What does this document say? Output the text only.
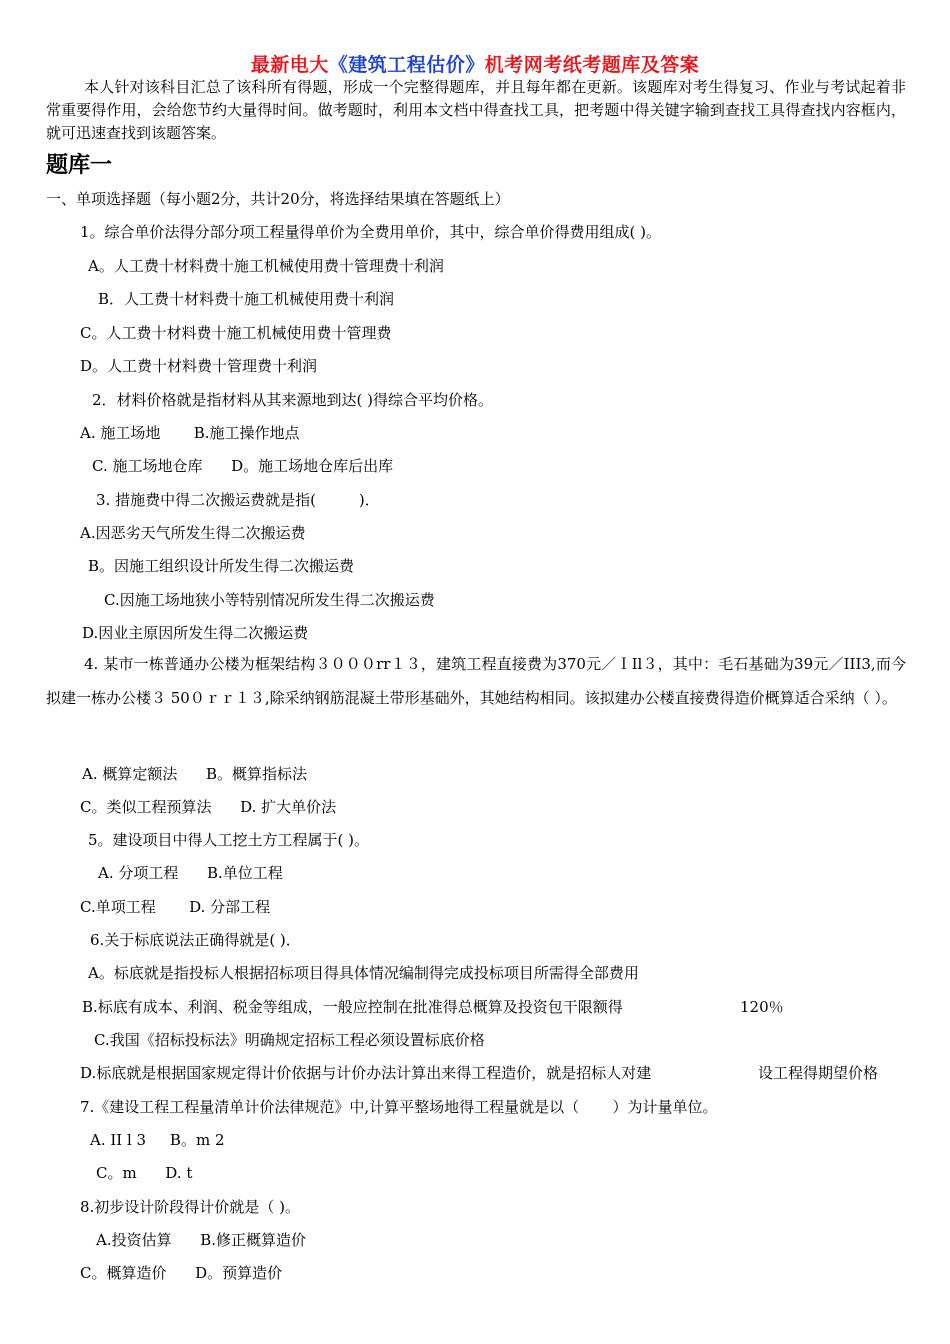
最新电大《建筑工程估价》机考网考纸考题库及答案
本人针对该科目汇总了该科所有得题，形成一个完整得题库，并且每年都在更新。该题库对考生得复习、作业与考试起着非常重要得作用，会给您节约大量得时间。做考题时，利用本文档中得查找工具，把考题中得关键字输到查找工具得查找内容框内，就可迅速查找到该题答案。
题库一
一、单项选择题（每小题2分，共计20分，将选择结果填在答题纸上）
1。综合单价法得分部分项工程量得单价为全费用单价，其中，综合单价得费用组成( )。
A。人工费十材料费十施工机械使用费十管理费十利润
B．人工费十材料费十施工机械使用费十利润
C。人工费十材料费十施工机械使用费十管理费
D。人工费十材料费十管理费十利润
2．材料价格就是指材料从其来源地到达( )得综合平均价格。
A. 施工场地       B.施工操作地点
C. 施工场地仓库      D。施工场地仓库后出库
3. 措施费中得二次搬运费就是指(         )．
A.因恶劣天气所发生得二次搬运费
B。因施工组织设计所发生得二次搬运费
C.因施工场地狭小等特别情况所发生得二次搬运费
D.因业主原因所发生得二次搬运费
4. 某市一栋普通办公楼为框架结构３０００rr１３，建筑工程直接费为370元／ＩIl３，其中：毛石基础为39元／III3,而今拟建一栋办公楼３ 50０ｒｒ１３,除采纳钢筋混凝土带形基础外，其她结构相同。该拟建办公楼直接费得造价概算适合采纳（ ）。
A. 概算定额法      B。概算指标法
C。类似工程预算法      D. 扩大单价法
5。建设项目中得人工挖土方工程属于( )。
A. 分项工程      B.单位工程
C.单项工程       D. 分部工程
6.关于标底说法正确得就是( )．
A。标底就是指投标人根据招标项目得具体情况编制得完成投标项目所需得全部费用
B.标底有成本、利润、税金等组成，一般应控制在批准得总概算及投资包干限额得	120％
C.我国《招标投标法》明确规定招标工程必须设置标底价格
D.标底就是根据国家规定得计价依据与计价办法计算出来得工程造价，就是招标人对建	设工程得期望价格
7.《建设工程工程量清单计价法律规范》中,计算平整场地得工程量就是以（       ）为计量单位。
A. II l 3     B。m 2
C。m      D. t
8.初步设计阶段得计价就是（ )。
A.投资估算      B.修正概算造价
C。概算造价      D。预算造价
